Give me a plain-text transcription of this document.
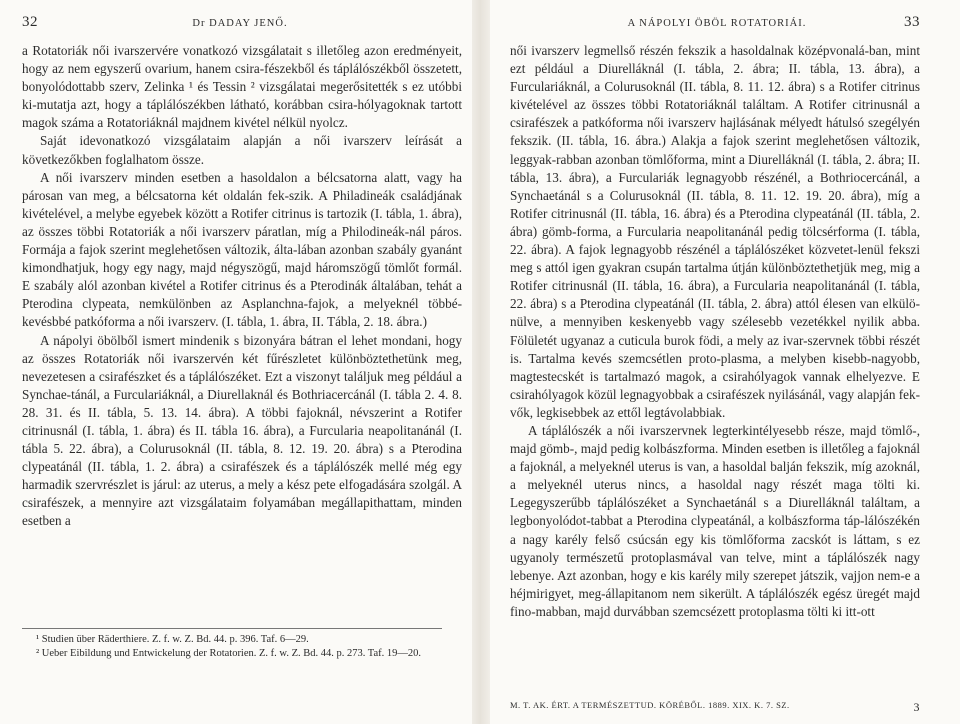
32	Dr DADAY JENŐ.

a Rotatoriák női ivarszervére vonatkozó vizsgálatait s illetőleg azon eredményeit, hogy az nem egyszerű ovarium, hanem csira-fészekből és táplálószékből összetett, bonyolódottabb szerv, Zelinka ¹ és Tessin ² vizsgálatai megerősitették s ez utóbbi ki-mutatja azt, hogy a táplálószékben látható, korábban csira-hólyagoknak tartott magok száma a Rotatoriáknál majdnem kivétel nélkül nyolcz.

Saját idevonatkozó vizsgálataim alapján a női ivarszerv leírását a következőkben foglalhatom össze.

A női ivarszerv minden esetben a hasoldalon a bélcsatorna alatt, vagy ha párosan van meg, a bélcsatorna két oldalán fek-szik. A Philadineák családjának kivételével, a melybe egyebek között a Rotifer citrinus is tartozik (I. tábla, 1. ábra), az összes többi Rotatoriák a női ivarszerv páratlan, míg a Philodineák-nál páros. Formája a fajok szerint meglehetősen változik, álta-lában azonban szabály gyanánt kimondhatjuk, hogy egy nagy, majd négyszögű, majd háromszögű tömlőt formál. E szabály alól azonban kivétel a Rotifer citrinus és a Pterodinák általában, tehát a Pterodina clypeata, nemkülönben az Asplanchna-fajok, a melyeknél többé-kevésbbé patkóforma a női ivarszerv. (I. tábla, 1. ábra, II. Tábla, 2. 18. ábra.)

A nápolyi öbölből ismert mindenik s bizonyára bátran el lehet mondani, hogy az összes Rotatoriák női ivarszervén két fűrészletet különböztethetünk meg, nevezetesen a csirafészket és a táplálószéket. Ezt a viszonyt találjuk meg például a Synchae-tánál, a Furculariáknál, a Diurellaknál és Bothriacercánál (I. tábla 2. 4. 8. 28. 31. és II. tábla, 5. 13. 14. ábra). A többi fajoknál, névszerint a Rotifer citrinusnál (I. tábla, 1. ábra) és II. tábla 16. ábra), a Furcularia neapolitanánál (I. tábla 5. 22. ábra), a Colurusoknál (II. tábla, 8. 12. 19. 20. ábra) s a Pterodina clypeatánál (II. tábla, 1. 2. ábra) a csirafészek és a táplálószék mellé még egy harmadik szervrészlet is járul: az uterus, a mely a kész pete elfogadására szolgál. A csirafészek, a mennyire azt vizsgálataim folyamában megállapithattam, minden esetben a

¹ Studien über Räderthiere. Z. f. w. Z. Bd. 44. p. 396. Taf. 6—29.

² Ueber Eibildung und Entwickelung der Rotatorien. Z. f. w. Z. Bd. 44. p. 273. Taf. 19—20.

A NÁPOLYI ÖBÖL ROTATORIÁI.	33

női ivarszerv legmellső részén fekszik a hasoldalnak középvonalá-ban, mint ezt például a Diurelláknál (I. tábla, 2. ábra; II. tábla, 13. ábra), a Furculariáknál, a Colurusoknál (II. tábla, 8. 11. 12. ábra) s a Rotifer citrinus kivételével az összes többi Rotatoriáknál találtam. A Rotifer citrinusnál a csirafészek a patkóforma női ivarszerv hajlásának mélyedt hátulsó szegélyén fekszik. (II. tábla, 16. ábra.) Alakja a fajok szerint meglehetősen változik, leggyak-rabban azonban tömlőforma, mint a Diurelláknál (I. tábla, 2. ábra; II. tábla, 13. ábra), a Furculariák legnagyobb részénél, a Bothriocercánál, a Synchaetánál s a Colurusoknál (II. tábla, 8. 11. 12. 19. 20. ábra), míg a Rotifer citrinusnál (II. tábla, 16. ábra) és a Pterodina clypeatánál (II. tábla, 2. ábra) gömb-forma, a Furcularia neapolitanánál pedig tölcsérforma (I. tábla, 22. ábra). A fajok legnagyobb részénél a táplálószéket közvetet-lenül fekszi meg s attól igen gyakran csupán tartalma útján különböztethetjük meg, mig a Rotifer citrinusnál (II. tábla, 16. ábra), a Furcularia neapolitanánál (I. tábla, 22. ábra) s a Pterodina clypeatánál (II. tábla, 2. ábra) attól élesen van elkülö-nülve, a mennyiben keskenyebb vagy szélesebb vezetékkel nyilik abba. Fölületét ugyanaz a cuticula burok födi, a mely az ivar-szervnek többi részét is. Tartalma kevés szemcsétlen proto-plasma, a melyben kisebb-nagyobb, magtestecskét is tartalmazó magok, a csirahólyagok vannak elhelyezve. E csirahólyagok közül legnagyobbak a csirafészek nyilásánál, vagy alapján fek-vők, legkisebbek az ettől legtávolabbiak.

A táplálószék a női ivarszervnek legterkintélyesebb része, majd tömlő-, majd gömb-, majd pedig kolbászforma. Minden esetben is illetőleg a fajoknál a fajoknál, a melyeknél uterus is van, a hasoldal balján fekszik, míg azoknál, a melyeknél uterus nincs, a hasoldal nagy részét maga tölti ki. Legegyszerűbb táplálószéket a Synchaetánál s a Diurelláknál találtam, a legbonyolódot-tabbat a Pterodina clypeatánál, a kolbászforma táp-lálószékén a nagy karély felső csúcsán egy kis tömlőforma zacskót is láttam, s ez ugyanoly természetű protoplasmával van telve, mint a táplálószék nagy lebenye. Azt azonban, hogy e kis karély mily szerepet játszik, vajjon nem-e a héjmirigyet, meg-állapitanom nem sikerült. A táplálószék egész üregét majd fino-mabban, majd durvábban szemcsézett protoplasma tölti ki itt-ott

M. T. AK. ÉRT. A TERMÉSZETTUD. KÖRÉBŐL. 1889. XIX. K. 7. SZ.	3
